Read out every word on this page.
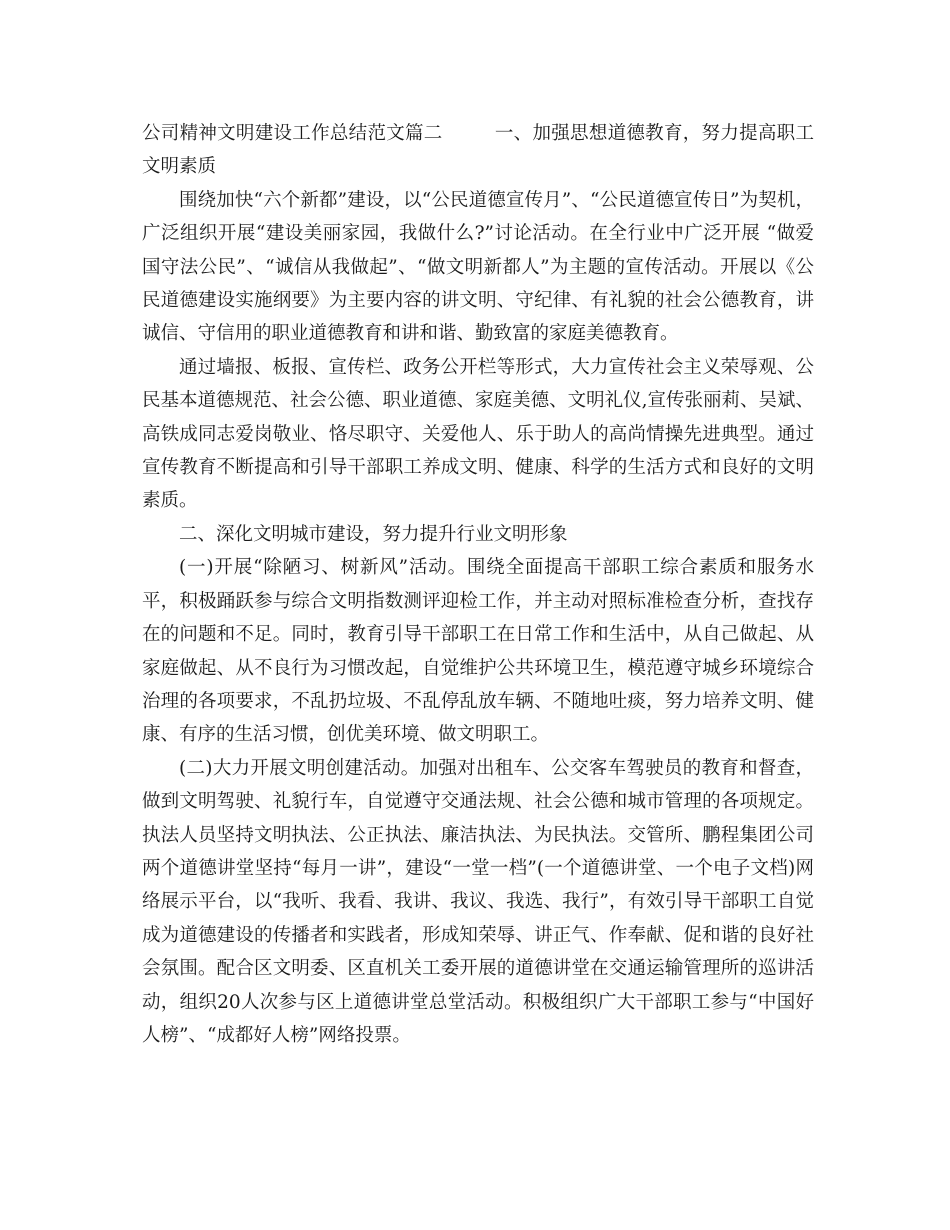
公司精神文明建设工作总结范文篇二	一、加强思想道德教育，努力提高职工文明素质

围绕加快“六个新都”建设，以“公民道德宣传月”、“公民道德宣传日”为契机，广泛组织开展“建设美丽家园，我做什么?”讨论活动。在全行业中广泛开展 “做爱国守法公民”、“诚信从我做起”、“做文明新都人”为主题的宣传活动。开展以《公民道德建设实施纲要》为主要内容的讲文明、守纪律、有礼貌的社会公德教育，讲诚信、守信用的职业道德教育和讲和谐、勤致富的家庭美德教育。

通过墙报、板报、宣传栏、政务公开栏等形式，大力宣传社会主义荣辱观、公民基本道德规范、社会公德、职业道德、家庭美德、文明礼仪,宣传张丽莉、吴斌、高铁成同志爱岗敬业、恪尽职守、关爱他人、乐于助人的高尚情操先进典型。通过宣传教育不断提高和引导干部职工养成文明、健康、科学的生活方式和良好的文明素质。

二、深化文明城市建设，努力提升行业文明形象

(一)开展“除陋习、树新风”活动。围绕全面提高干部职工综合素质和服务水平，积极踊跃参与综合文明指数测评迎检工作，并主动对照标准检查分析，查找存在的问题和不足。同时，教育引导干部职工在日常工作和生活中，从自己做起、从家庭做起、从不良行为习惯改起，自觉维护公共环境卫生，模范遵守城乡环境综合治理的各项要求，不乱扔垃圾、不乱停乱放车辆、不随地吐痰，努力培养文明、健康、有序的生活习惯，创优美环境、做文明职工。

(二)大力开展文明创建活动。加强对出租车、公交客车驾驶员的教育和督查，做到文明驾驶、礼貌行车，自觉遵守交通法规、社会公德和城市管理的各项规定。执法人员坚持文明执法、公正执法、廉洁执法、为民执法。交管所、鹏程集团公司两个道德讲堂坚持“每月一讲”，建设“一堂一档”(一个道德讲堂、一个电子文档)网络展示平台，以“我听、我看、我讲、我议、我选、我行”，有效引导干部职工自觉成为道德建设的传播者和实践者，形成知荣辱、讲正气、作奉献、促和谐的良好社会氛围。配合区文明委、区直机关工委开展的道德讲堂在交通运输管理所的巡讲活动，组织20人次参与区上道德讲堂总堂活动。积极组织广大干部职工参与“中国好人榜”、“成都好人榜”网络投票。
